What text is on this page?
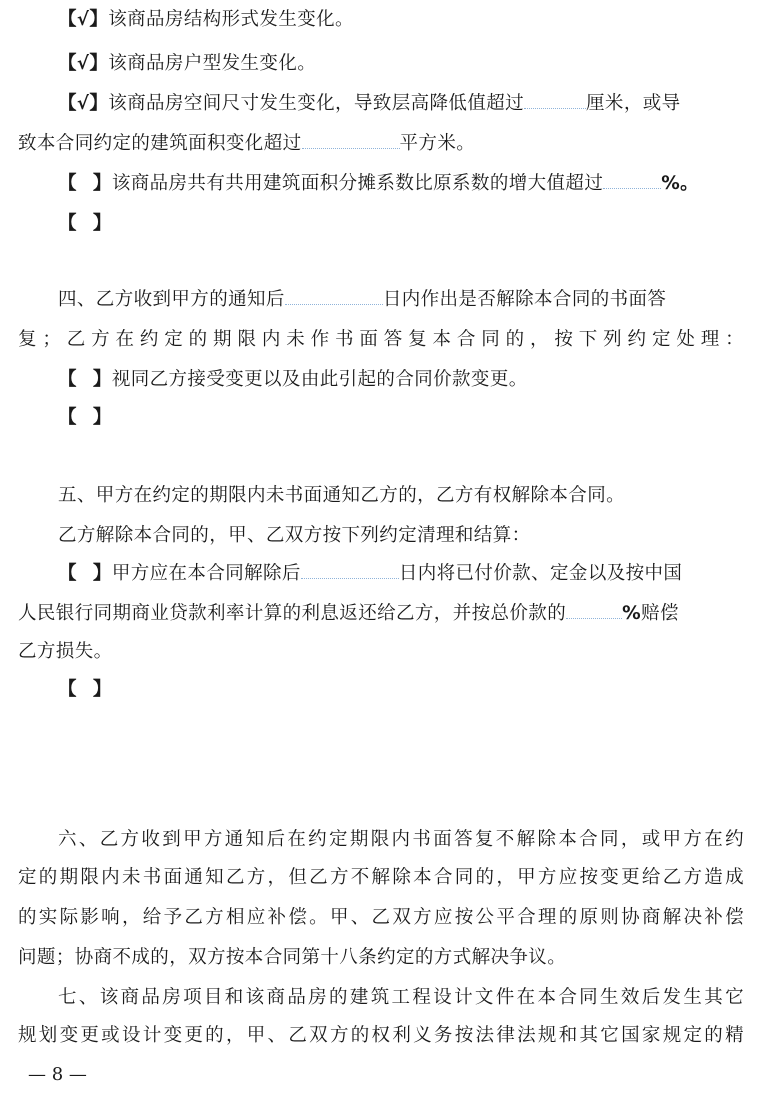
【√】该商品房结构形式发生变化。
【√】该商品房户型发生变化。
【√】该商品房空间尺寸发生变化，导致层高降低值超过	厘米，或导
致本合同约定的建筑面积变化超过	平方米。
【 】该商品房共有共用建筑面积分摊系数比原系数的增大值超过	%。
【 】
四、乙方收到甲方的通知后	日内作出是否解除本合同的书面答
复；乙方在约定的期限内未作书面答复本合同的，按下列约定处理：
【 】视同乙方接受变更以及由此引起的合同价款变更。
【 】
五、甲方在约定的期限内未书面通知乙方的，乙方有权解除本合同。
乙方解除本合同的，甲、乙双方按下列约定清理和结算：
【 】甲方应在本合同解除后	日内将已付价款、定金以及按中国
人民银行同期商业贷款利率计算的利息返还给乙方，并按总价款的	%赔偿
乙方损失。
【 】
六、乙方收到甲方通知后在约定期限内书面答复不解除本合同，或甲方在约
定的期限内未书面通知乙方，但乙方不解除本合同的，甲方应按变更给乙方造成
的实际影响，给予乙方相应补偿。甲、乙双方应按公平合理的原则协商解决补偿
问题；协商不成的，双方按本合同第十八条约定的方式解决争议。
七、该商品房项目和该商品房的建筑工程设计文件在本合同生效后发生其它
规划变更或设计变更的，甲、乙双方的权利义务按法律法规和其它国家规定的精
— 8 —
